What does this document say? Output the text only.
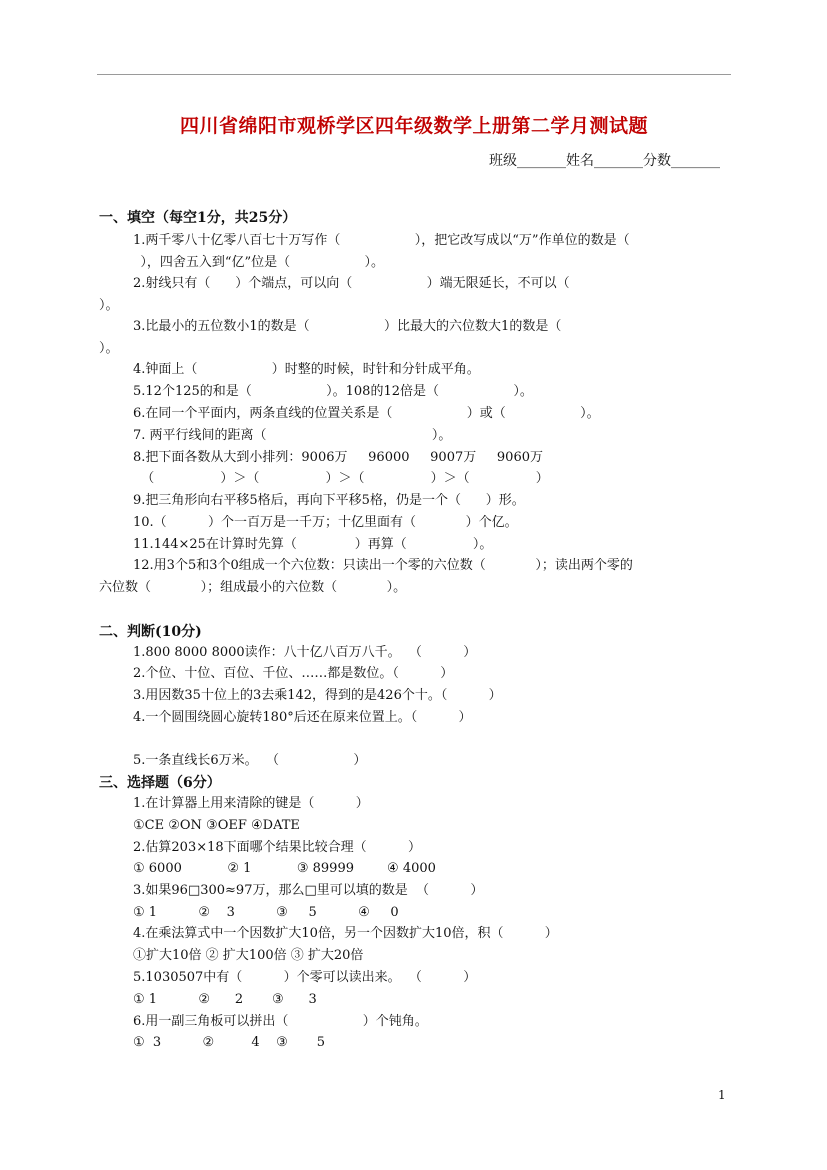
四川省绵阳市观桥学区四年级数学上册第二学月测试题
班级_______姓名_______分数_______
一、填空（每空1分，共25分）
1.两千零八十亿零八百七十万写作（                  ），把它改写成以“万”作单位的数是（
），四舍五入到“亿”位是（                  ）。
2.射线只有（      ）个端点，可以向（                  ）端无限延长，不可以（
）。
3.比最小的五位数小1的数是（                  ）比最大的六位数大1的数是（
）。
4.钟面上（                  ）时整的时候，时针和分针成平角。
5.12个125的和是（                  ）。108的12倍是（                  ）。
6.在同一个平面内，两条直线的位置关系是（                  ）或（                  ）。
7. 两平行线间的距离（                                        ）。
8.把下面各数从大到小排列：9006万     96000     9007万     9060万
（                ）＞（                ）＞（                ）＞（                ）
9.把三角形向右平移5格后，再向下平移5格，仍是一个（      ）形。
10.（          ）个一百万是一千万；十亿里面有（            ）个亿。
11.144×25在计算时先算（              ）再算（                ）。
12.用3个5和3个0组成一个六位数：只读出一个零的六位数（            ）；读出两个零的
六位数（            ）；组成最小的六位数（            ）。
二、判断(10分)
1.800 8000 8000读作：八十亿八百万八千。  （          ）
2.个位、十位、百位、千位、……都是数位。（          ）
3.用因数35十位上的3去乘142，得到的是426个十。（          ）
4.一个圆围绕圆心旋转180°后还在原来位置上。（          ）
5.一条直线长6万米。  （                  ）
三、选择题（6分）
1.在计算器上用来清除的键是（          ）
①CE ②ON ③OEF ④DATE
2.估算203×18下面哪个结果比较合理（          ）
① 6000           ② 1           ③ 89999        ④ 4000
3.如果96□300≈97万，那么□里可以填的数是  （          ）
① 1          ②    3          ③     5          ④     0
4.在乘法算式中一个因数扩大10倍，另一个因数扩大10倍，积（          ）
①扩大10倍 ② 扩大100倍 ③ 扩大20倍
5.1030507中有（          ）个零可以读出来。  （          ）
① 1          ②      2       ③      3
6.用一副三角板可以拼出（                  ）个钝角。
①  3          ②         4    ③       5
1
